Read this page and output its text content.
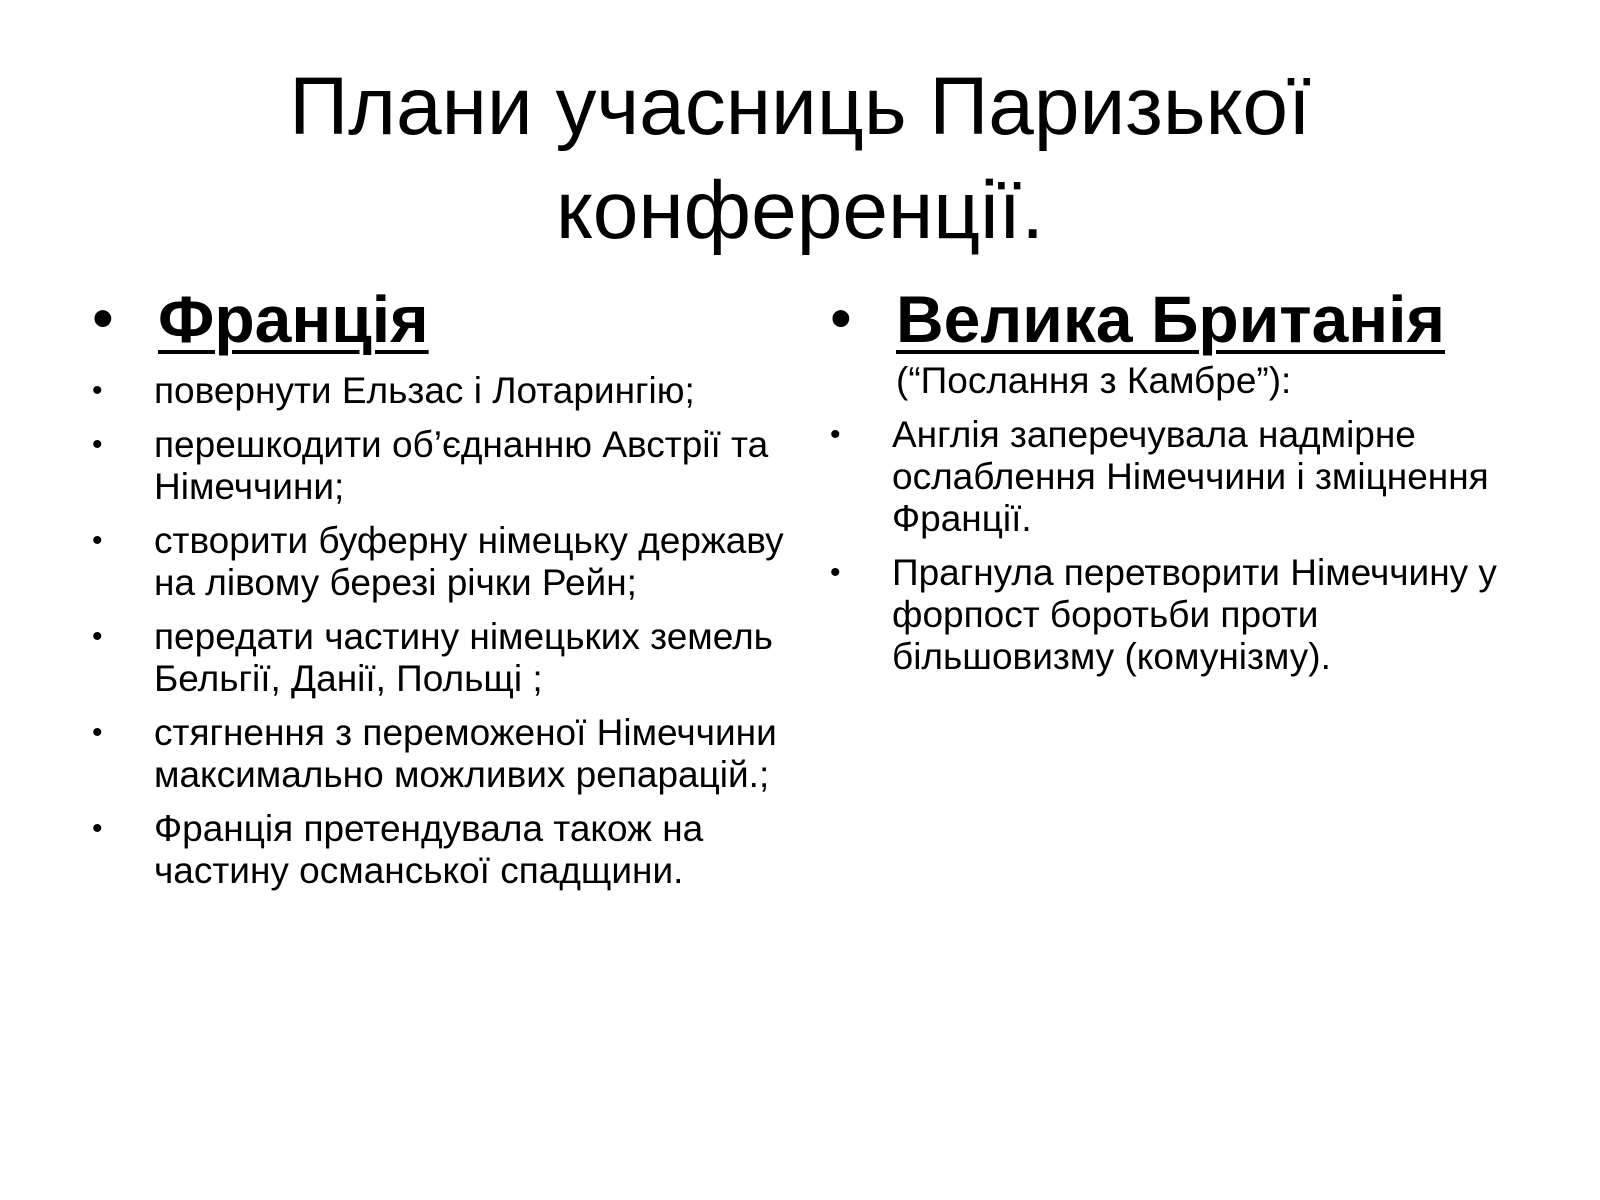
Плани учасниць Паризької
конференції.
• Франція
• повернути Ельзас і Лотарингію;
• перешкодити об’єднанню Австрії та Німеччини;
• створити буферну німецьку державу на лівому березі річки Рейн;
• передати частину німецьких земель Бельгії, Данії, Польщі ;
• стягнення з переможеної Німеччини максимально можливих репарацій.;
• Франція претендувала також на частину османської спадщини.
• Велика Британія
(“Послання з Камбре”):
• Англія заперечувала надмірне ослаблення Німеччини і зміцнення Франції.
• Прагнула перетворити Німеччину у форпост боротьби проти більшовизму (комунізму).
